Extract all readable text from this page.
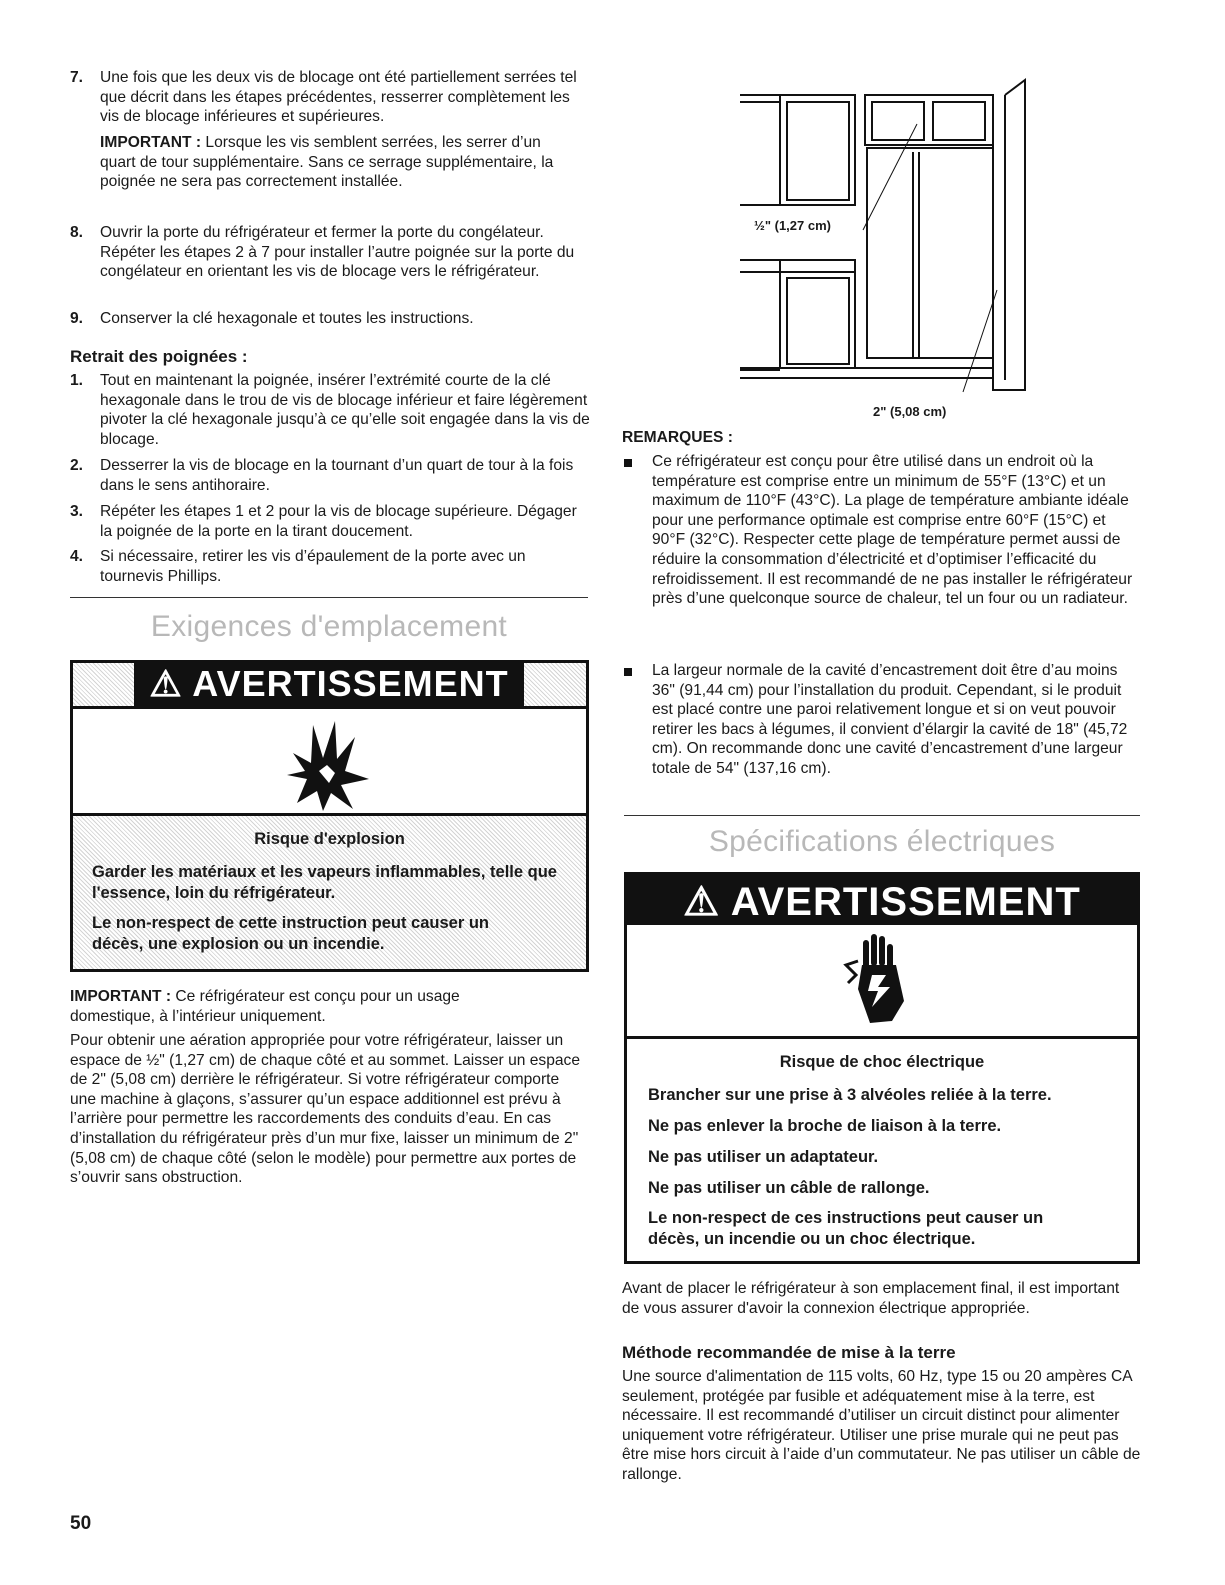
7. Une fois que les deux vis de blocage ont été partiellement serrées tel que décrit dans les étapes précédentes, resserrer complètement les vis de blocage inférieures et supérieures.
IMPORTANT : Lorsque les vis semblent serrées, les serrer d’un quart de tour supplémentaire. Sans ce serrage supplémentaire, la poignée ne sera pas correctement installée.
8. Ouvrir la porte du réfrigérateur et fermer la porte du congélateur. Répéter les étapes 2 à 7 pour installer l’autre poignée sur la porte du congélateur en orientant les vis de blocage vers le réfrigérateur.
9. Conserver la clé hexagonale et toutes les instructions.
Retrait des poignées :
1. Tout en maintenant la poignée, insérer l’extrémité courte de la clé hexagonale dans le trou de vis de blocage inférieur et faire légèrement pivoter la clé hexagonale jusqu’à ce qu’elle soit engagée dans la vis de blocage.
2. Desserrer la vis de blocage en la tournant d’un quart de tour à la fois dans le sens antihoraire.
3. Répéter les étapes 1 et 2 pour la vis de blocage supérieure. Dégager la poignée de la porte en la tirant doucement.
4. Si nécessaire, retirer les vis d’épaulement de la porte avec un tournevis Phillips.
Exigences d'emplacement
⚠ AVERTISSEMENT
Risque d'explosion
Garder les matériaux et les vapeurs inflammables, telle que l'essence, loin du réfrigérateur.
Le non-respect de cette instruction peut causer un décès, une explosion ou un incendie.
IMPORTANT : Ce réfrigérateur est conçu pour un usage domestique, à l’intérieur uniquement.
Pour obtenir une aération appropriée pour votre réfrigérateur, laisser un espace de ½" (1,27 cm) de chaque côté et au sommet. Laisser un espace de 2" (5,08 cm) derrière le réfrigérateur. Si votre réfrigérateur comporte une machine à glaçons, s’assurer qu’un espace additionnel est prévu à l’arrière pour permettre les raccordements des conduits d’eau. En cas d’installation du réfrigérateur près d’un mur fixe, laisser un minimum de 2" (5,08 cm) de chaque côté (selon le modèle) pour permettre aux portes de s’ouvrir sans obstruction.
50
½" (1,27 cm)
2" (5,08 cm)
REMARQUES :
Ce réfrigérateur est conçu pour être utilisé dans un endroit où la température est comprise entre un minimum de 55°F (13°C) et un maximum de 110°F (43°C). La plage de température ambiante idéale pour une performance optimale est comprise entre 60°F (15°C) et 90°F (32°C). Respecter cette plage de température permet aussi de réduire la consommation d’électricité et d’optimiser l’efficacité du refroidissement. Il est recommandé de ne pas installer le réfrigérateur près d’une quelconque source de chaleur, tel un four ou un radiateur.
La largeur normale de la cavité d’encastrement doit être d’au moins 36" (91,44 cm) pour l’installation du produit. Cependant, si le produit est placé contre une paroi relativement longue et si on veut pouvoir retirer les bacs à légumes, il convient d’élargir la cavité de 18" (45,72 cm). On recommande donc une cavité d’encastrement d’une largeur totale de 54" (137,16 cm).
Spécifications électriques
⚠ AVERTISSEMENT
Risque de choc électrique
Brancher sur une prise à 3 alvéoles reliée à la terre.
Ne pas enlever la broche de liaison à la terre.
Ne pas utiliser un adaptateur.
Ne pas utiliser un câble de rallonge.
Le non-respect de ces instructions peut causer un décès, un incendie ou un choc électrique.
Avant de placer le réfrigérateur à son emplacement final, il est important de vous assurer d'avoir la connexion électrique appropriée.
Méthode recommandée de mise à la terre
Une source d'alimentation de 115 volts, 60 Hz, type 15 ou 20 ampères CA seulement, protégée par fusible et adéquatement mise à la terre, est nécessaire. Il est recommandé d’utiliser un circuit distinct pour alimenter uniquement votre réfrigérateur. Utiliser une prise murale qui ne peut pas être mise hors circuit à l’aide d’un commutateur. Ne pas utiliser un câble de rallonge.
